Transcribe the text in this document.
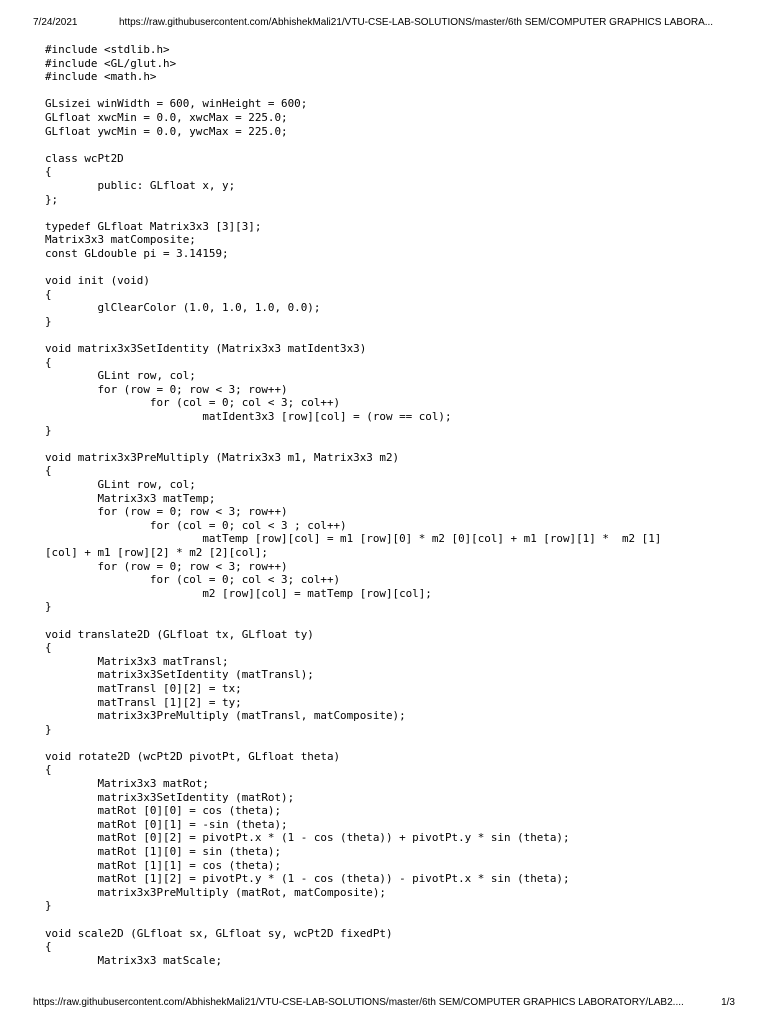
7/24/2021	https://raw.githubusercontent.com/AbhishekMali21/VTU-CSE-LAB-SOLUTIONS/master/6th SEM/COMPUTER GRAPHICS LABORA...
#include <stdlib.h>
#include <GL/glut.h>
#include <math.h>
GLsizei winWidth = 600, winHeight = 600;
GLfloat xwcMin = 0.0, xwcMax = 225.0;
GLfloat ywcMin = 0.0, ywcMax = 225.0;
class wcPt2D
{
public: GLfloat x, y;
};
typedef GLfloat Matrix3x3 [3][3];
Matrix3x3 matComposite;
const GLdouble pi = 3.14159;
void init (void)
{
glClearColor (1.0, 1.0, 1.0, 0.0);
}
void matrix3x3SetIdentity (Matrix3x3 matIdent3x3)
{
GLint row, col;
for (row = 0; row < 3; row++)
for (col = 0; col < 3; col++)
matIdent3x3 [row][col] = (row == col);
}
void matrix3x3PreMultiply (Matrix3x3 m1, Matrix3x3 m2)
{
GLint row, col;
Matrix3x3 matTemp;
for (row = 0; row < 3; row++)
for (col = 0; col < 3 ; col++)
matTemp [row][col] = m1 [row][0] * m2 [0][col] + m1 [row][1] *  m2 [1]
[col] + m1 [row][2] * m2 [2][col];
for (row = 0; row < 3; row++)
for (col = 0; col < 3; col++)
m2 [row][col] = matTemp [row][col];
}
void translate2D (GLfloat tx, GLfloat ty)
{
Matrix3x3 matTransl;
matrix3x3SetIdentity (matTransl);
matTransl [0][2] = tx;
matTransl [1][2] = ty;
matrix3x3PreMultiply (matTransl, matComposite);
}
void rotate2D (wcPt2D pivotPt, GLfloat theta)
{
Matrix3x3 matRot;
matrix3x3SetIdentity (matRot);
matRot [0][0] = cos (theta);
matRot [0][1] = -sin (theta);
matRot [0][2] = pivotPt.x * (1 - cos (theta)) + pivotPt.y * sin (theta);
matRot [1][0] = sin (theta);
matRot [1][1] = cos (theta);
matRot [1][2] = pivotPt.y * (1 - cos (theta)) - pivotPt.x * sin (theta);
matrix3x3PreMultiply (matRot, matComposite);
}
void scale2D (GLfloat sx, GLfloat sy, wcPt2D fixedPt)
{
Matrix3x3 matScale;
https://raw.githubusercontent.com/AbhishekMali21/VTU-CSE-LAB-SOLUTIONS/master/6th SEM/COMPUTER GRAPHICS LABORATORY/LAB2....	1/3
